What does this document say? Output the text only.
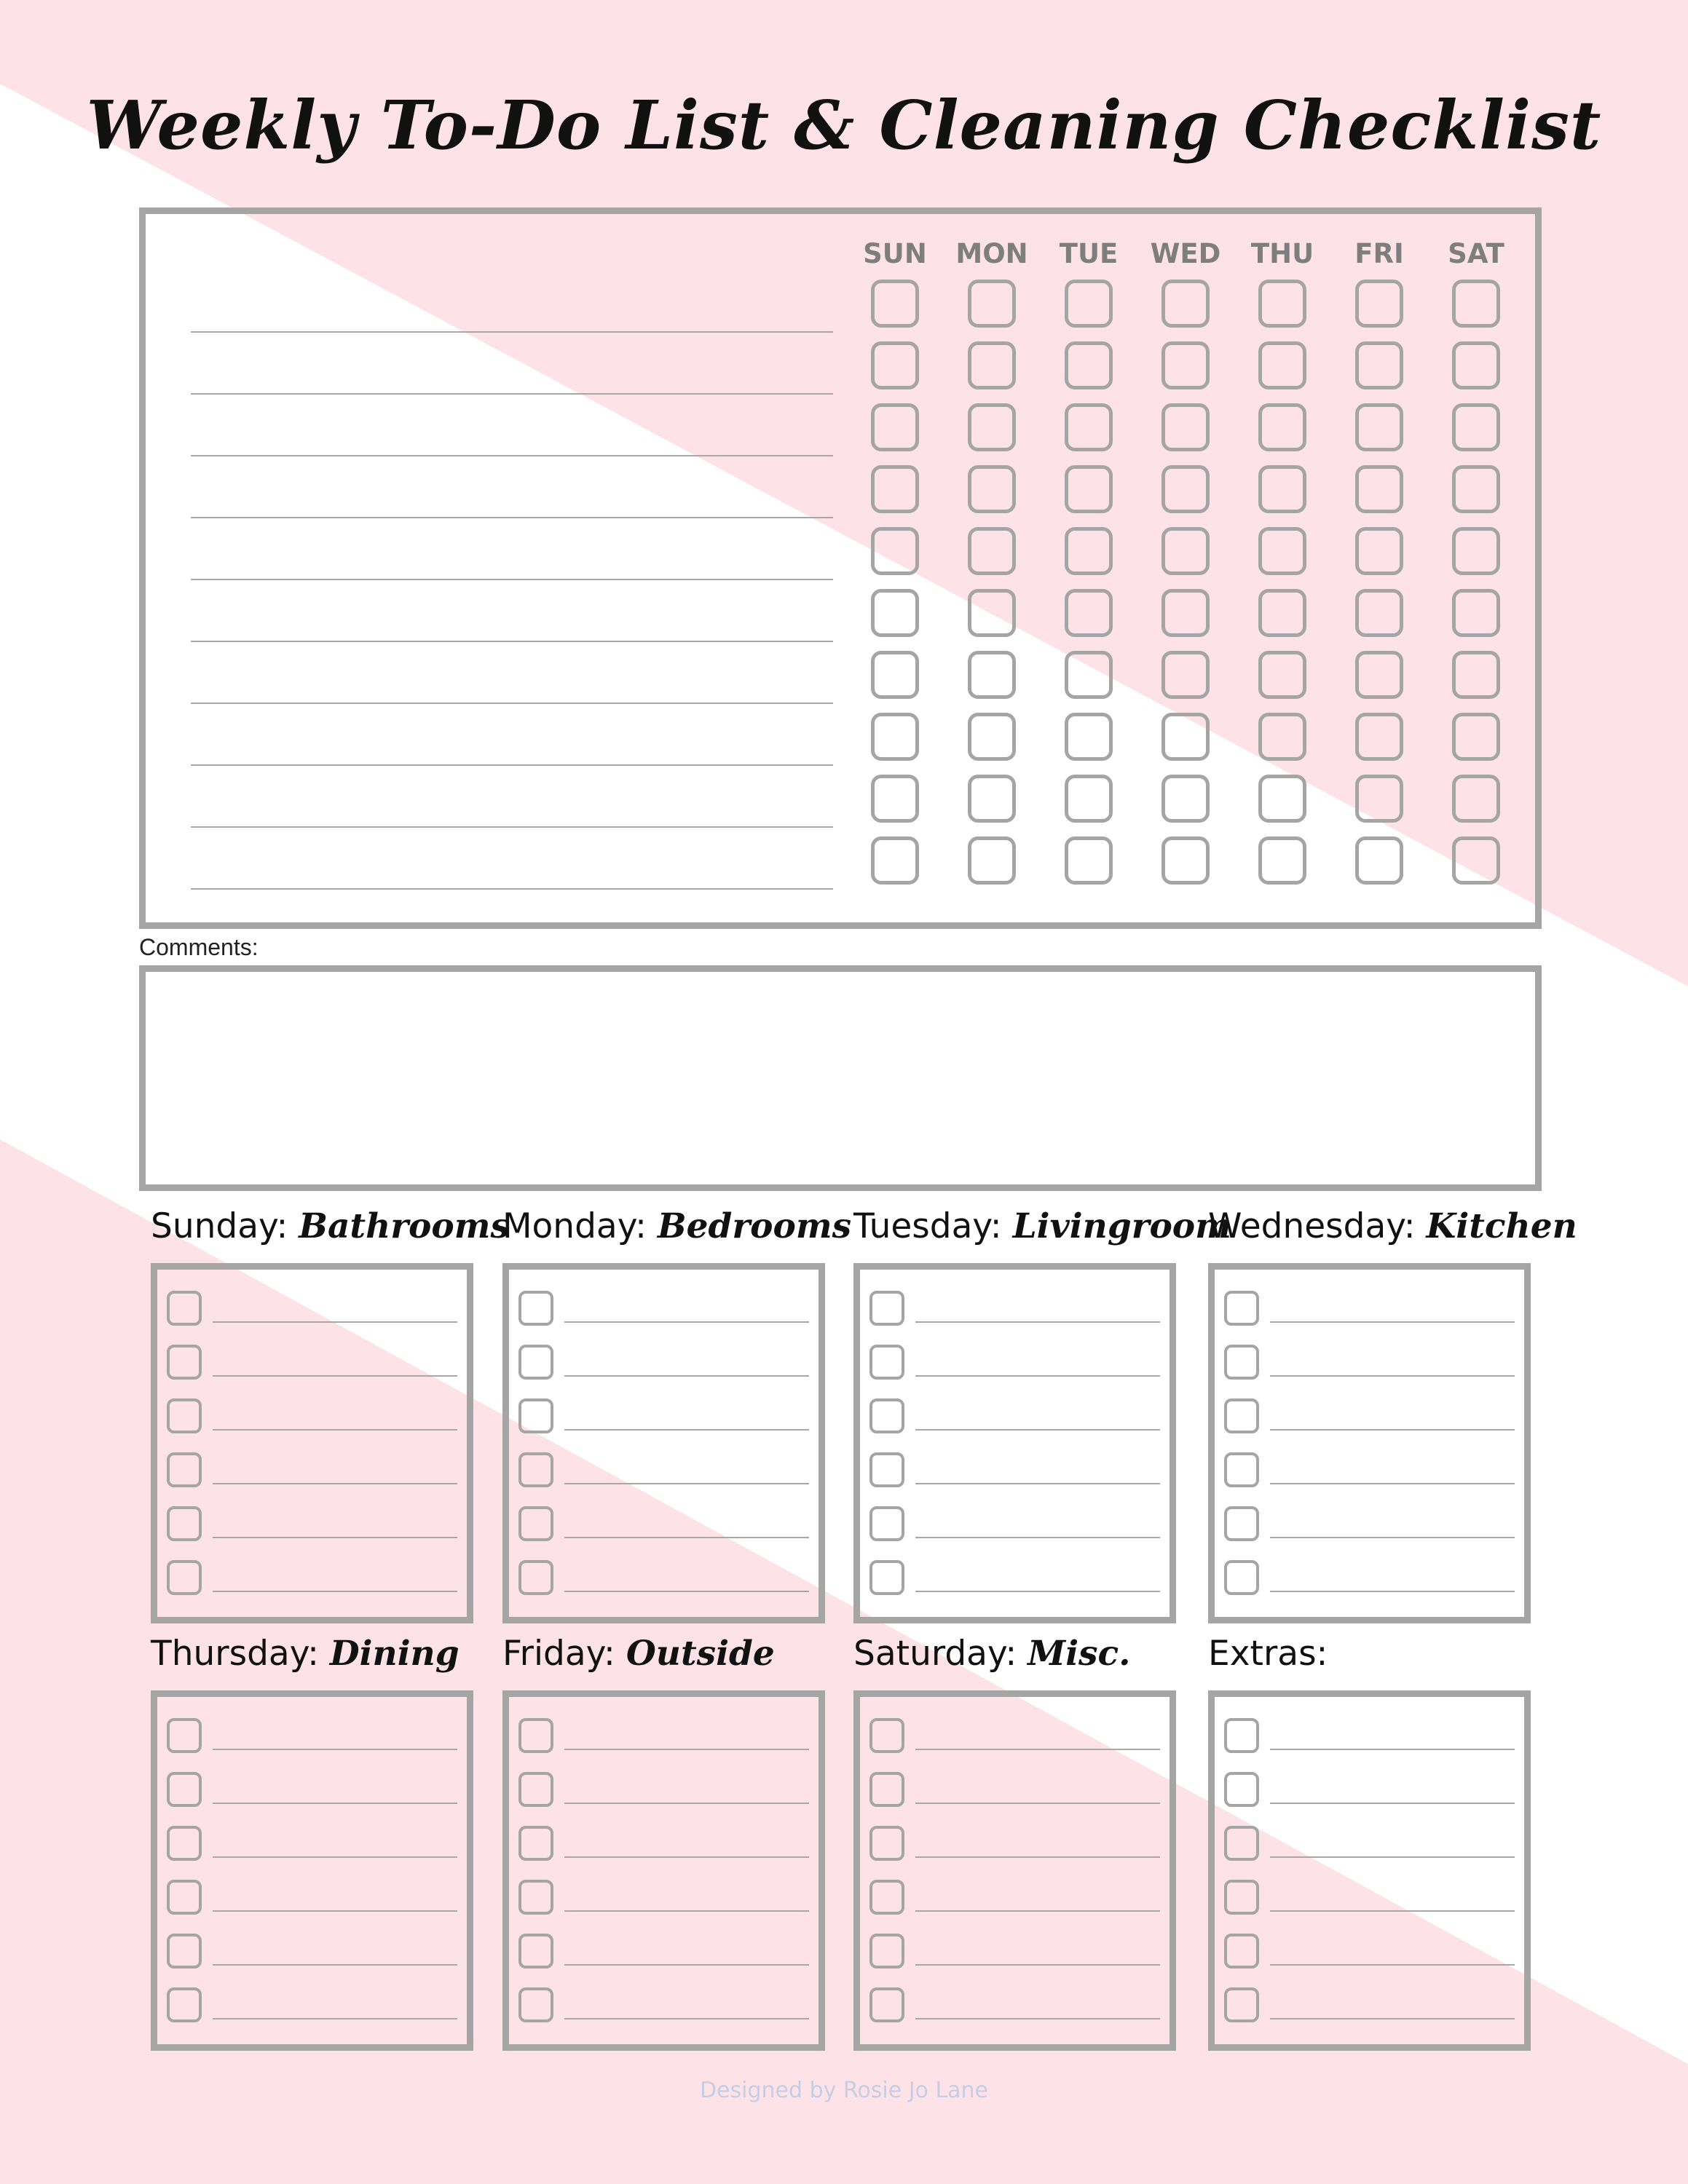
Weekly To-Do List & Cleaning Checklist
SUN	MON	TUE	WED	THU	FRI	SAT
Comments:
Sunday: Bathrooms
Monday: Bedrooms Tuesday: Livingroom
Wednesday: Kitchen
Thursday: Dining Friday: Outside Saturday: Misc. Extras:
Designed by Rosie Jo Lane
